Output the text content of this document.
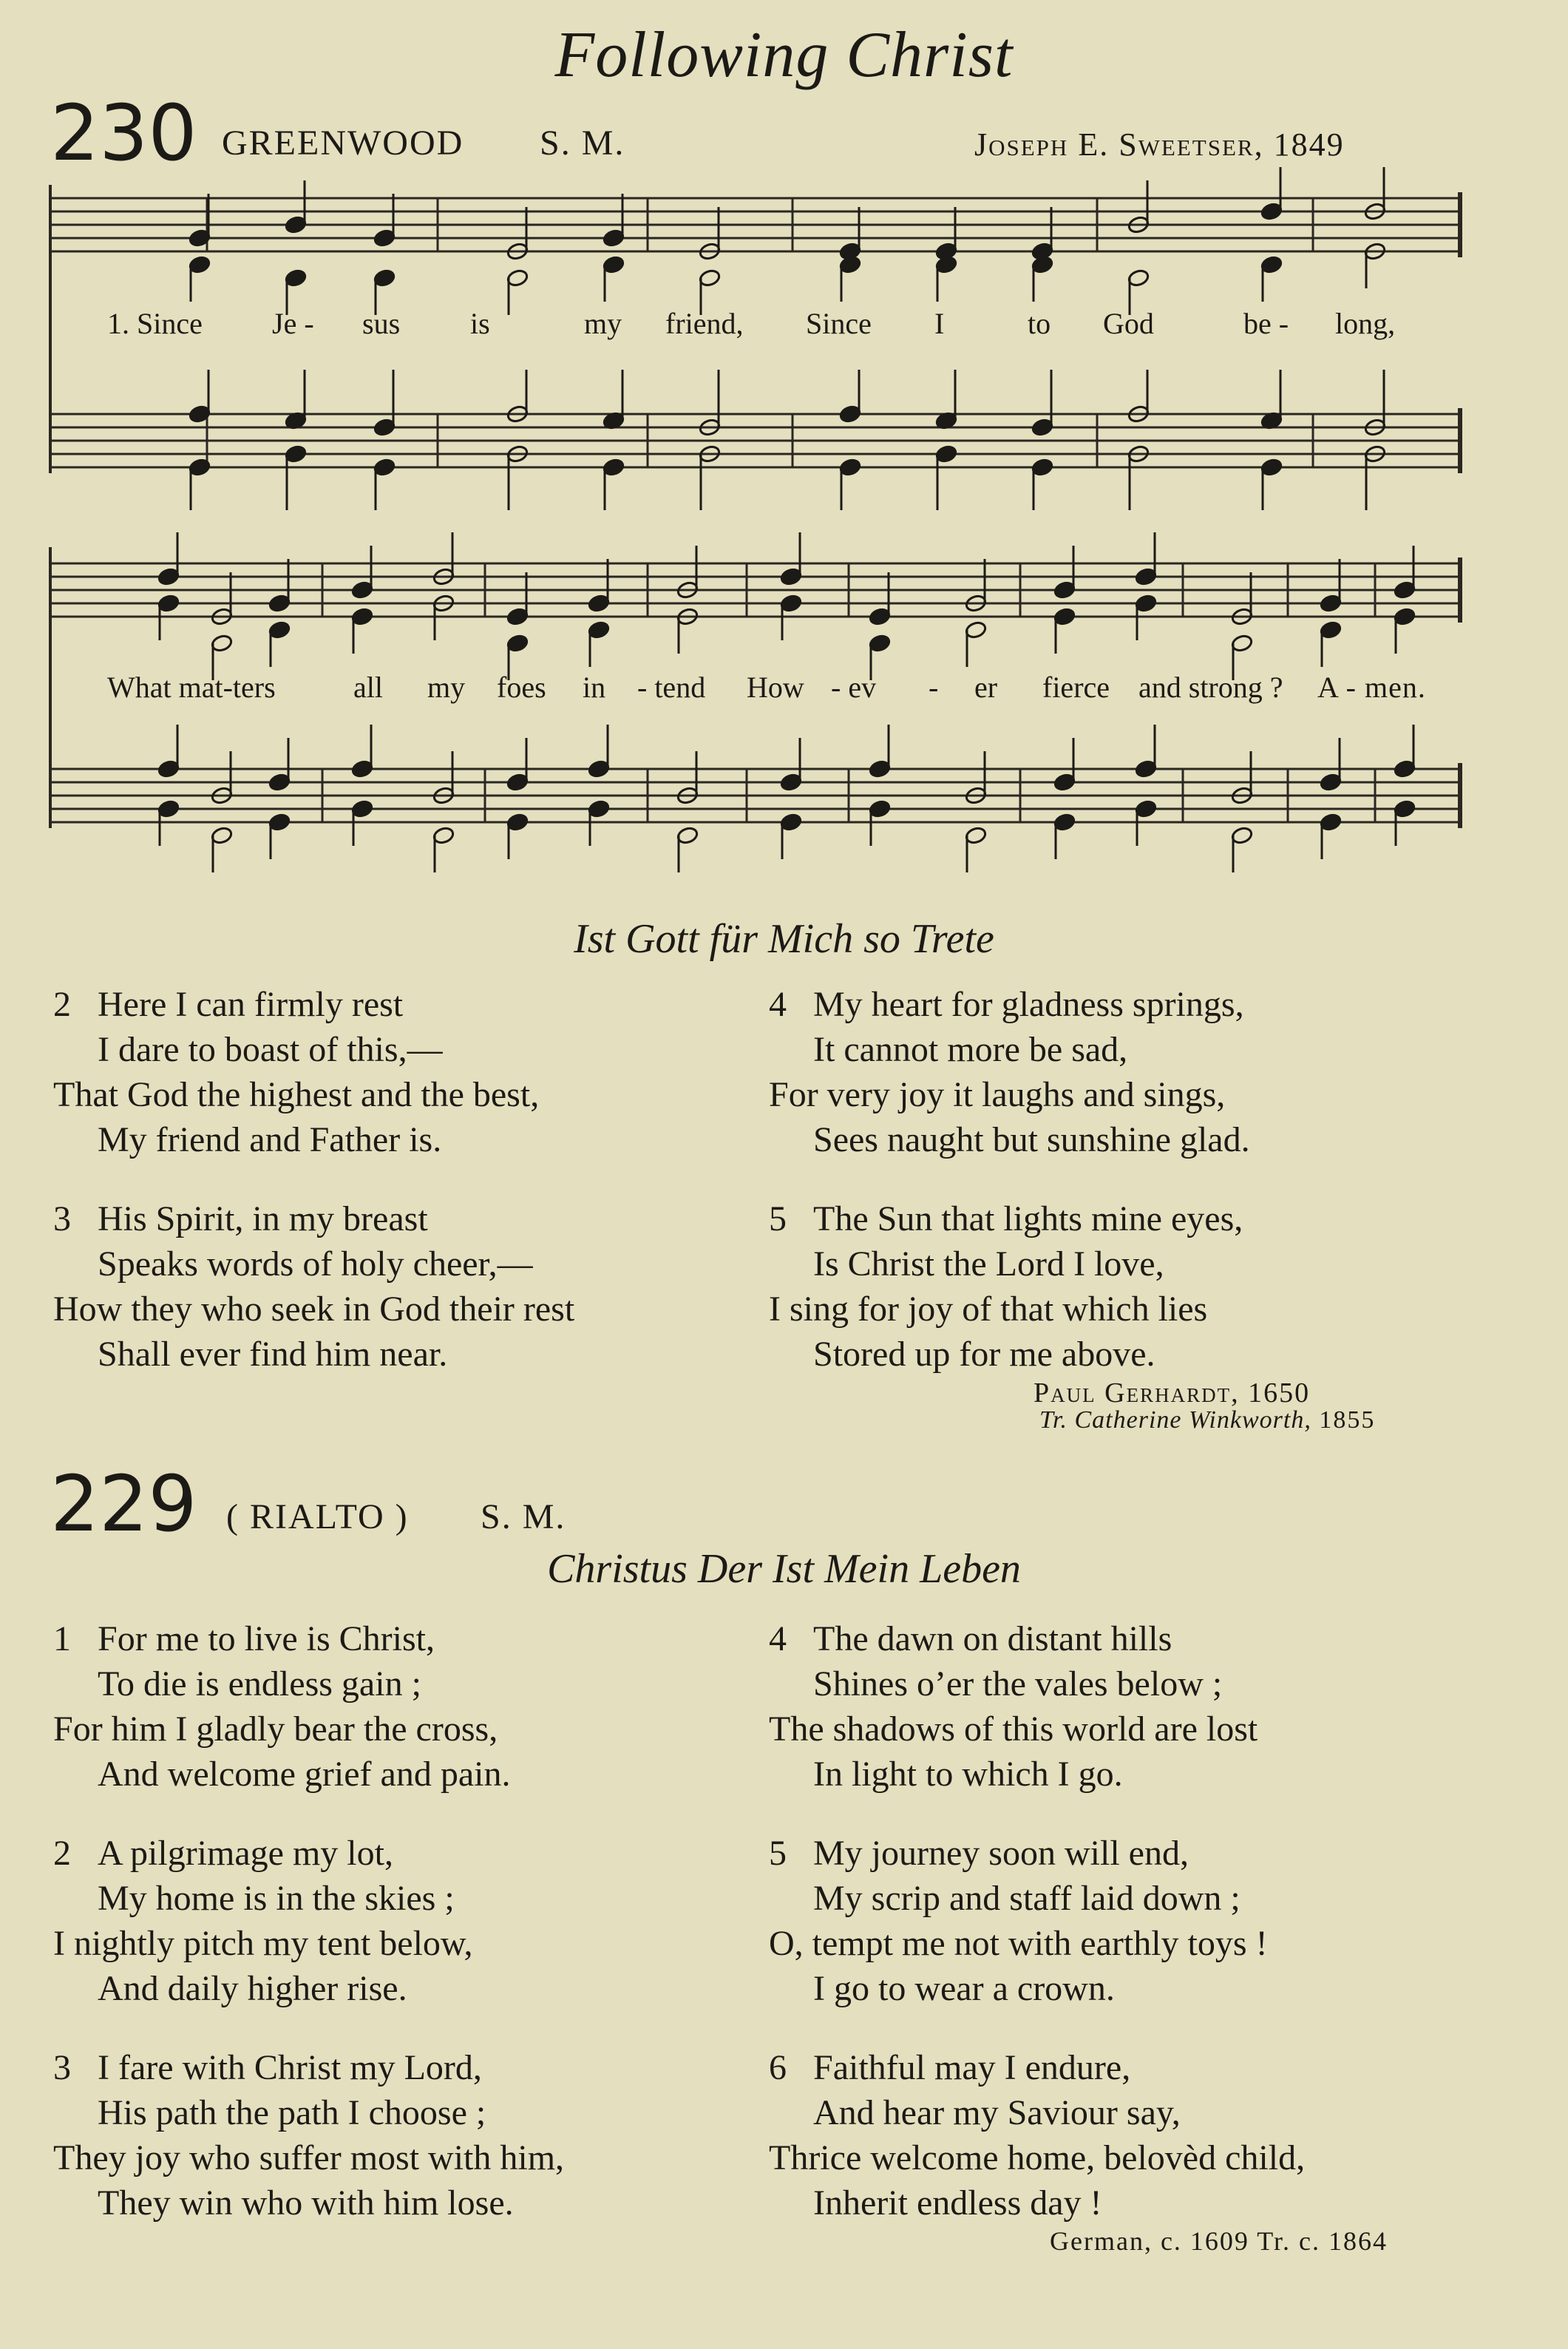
Following Christ
230 GREENWOOD S. M.	Joseph E. Sweetser, 1849
1. Since Je - sus is	my friend, Since I	to God	be - long,
What mat-ters	all my foes in - tend How - ev - er fierce and strong ? A - men.
Ist Gott für Mich so Trete
2 Here I can firmly rest
I dare to boast of this,—
That God the highest and the best,
My friend and Father is.
3 His Spirit, in my breast
Speaks words of holy cheer,—
How they who seek in God their rest
Shall ever find him near.
4 My heart for gladness springs,
It cannot more be sad,
For very joy it laughs and sings,
Sees naught but sunshine glad.
5 The Sun that lights mine eyes,
Is Christ the Lord I love,
I sing for joy of that which lies
Stored up for me above.
Paul Gerhardt, 1650
Tr. Catherine Winkworth, 1855
229 ( RIALTO ) S. M.
Christus Der Ist Mein Leben
1 For me to live is Christ,
To die is endless gain ;
For him I gladly bear the cross,
And welcome grief and pain.
2 A pilgrimage my lot,
My home is in the skies ;
I nightly pitch my tent below,
And daily higher rise.
3 I fare with Christ my Lord,
His path the path I choose ;
They joy who suffer most with him,
They win who with him lose.
4 The dawn on distant hills
Shines o’er the vales below ;
The shadows of this world are lost
In light to which I go.
5 My journey soon will end,
My scrip and staff laid down ;
O, tempt me not with earthly toys !
I go to wear a crown.
6 Faithful may I endure,
And hear my Saviour say,
Thrice welcome home, belovèd child,
Inherit endless day !
German, c. 1609 Tr. c. 1864
